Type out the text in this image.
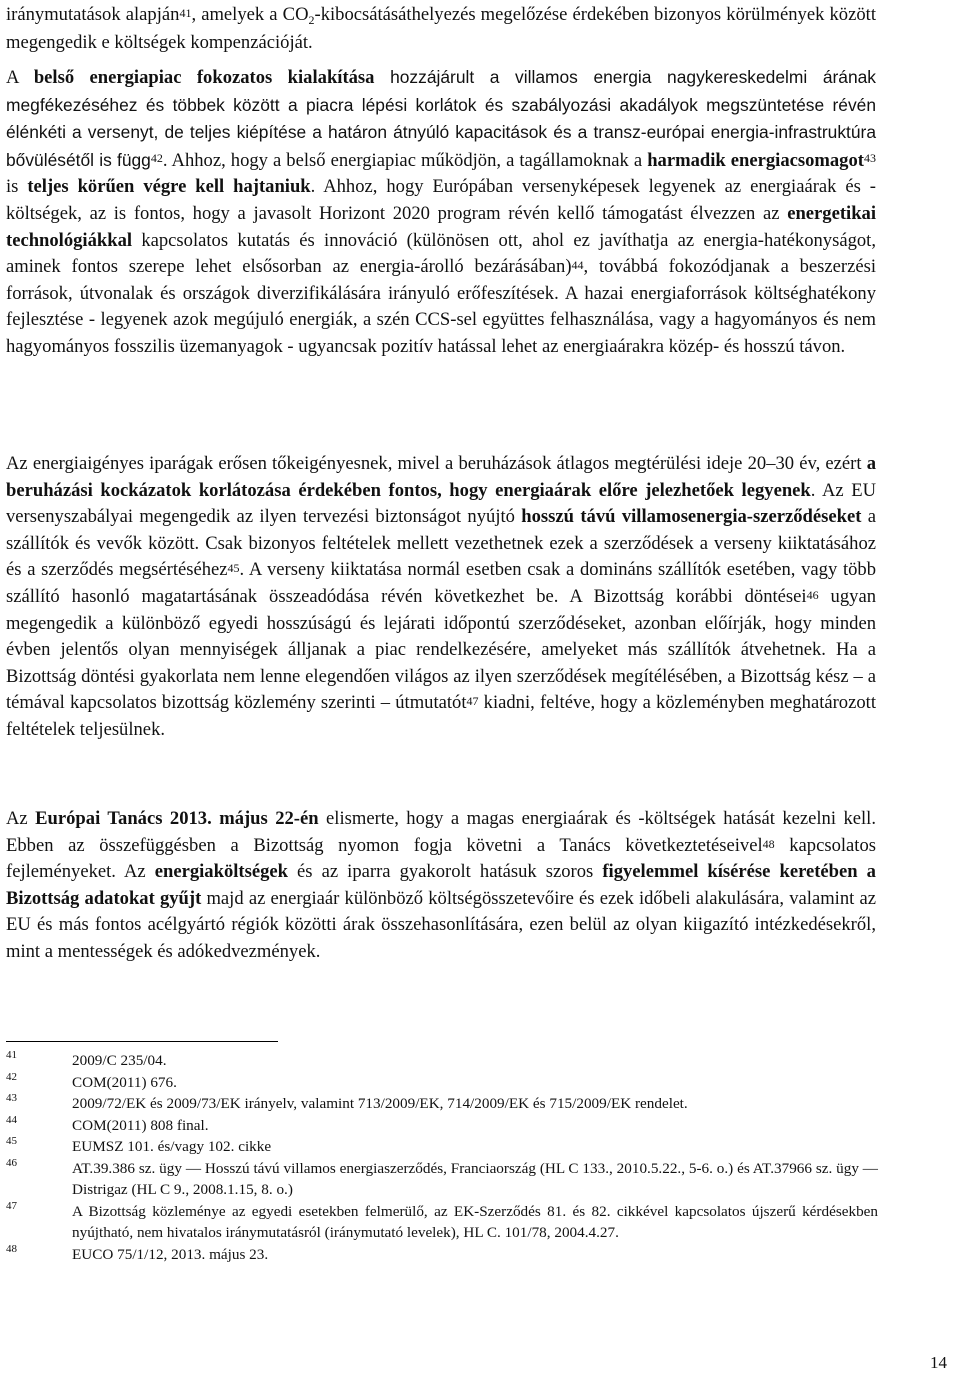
iránymutatások alapján$^{41}$, amelyek a $CO_2$-kibocsátásáthelyezés megelőzése érdekében bizonyos körülmények között megengedik e költségek kompenzációját.

A belső energiapiac fokozatos kialakítása hozzájárult a villamos energia nagykereskedelmi árának megfékezéséhez és többek között a piacra lépési korlátok és szabályozási akadályok megszüntetése révén élénkéti a versenyt, de teljes kiépítése a határon átnyúló kapacitások és a transz-európai energia-infrastruktúra bővülésétől is függ$^{42}$. Ahhoz, hogy a belső energiapiac működjön, a tagállamoknak a harmadik energiacsomagot$^{43}$ is teljes körűen végre kell hajtaniuk. Ahhoz, hogy Európában versenyképesek legyenek az energiaárak és -költségek, az is fontos, hogy a javasolt Horizont 2020 program révén kellő támogatást élvezzen az energetikai technológiákkal kapcsolatos kutatás és innováció (különösen ott, ahol ez javíthatja az energia-hatékonyságot, aminek fontos szerepe lehet elsősorban az energia-árolló bezárásában)$^{44}$, továbbá fokozódjanak a beszerzési források, útvonalak és országok diverzifikálására irányuló erőfeszítések. A hazai energiaforrások költséghatékony fejlesztése - legyenek azok megújuló energiák, a szén CCS-sel együttes felhasználása, vagy a hagyományos és nem hagyományos fosszilis üzemanyagok - ugyancsak pozitív hatással lehet az energiaárakra közép- és hosszú távon.

Az energiaigényes iparágak erősen tőkeigényesnek, mivel a beruházások átlagos megtérülési ideje 20–30 év, ezért a beruházási kockázatok korlátozása érdekében fontos, hogy energiaárak előre jelezhetőek legyenek. Az EU versenyszabályai megengedik az ilyen tervezési biztonságot nyújtó hosszú távú villamosenergia-szerződéseket a szállítók és vevők között. Csak bizonyos feltételek mellett vezethetnek ezek a szerződések a verseny kiiktatásához és a szerződés megsértéséhez$^{45}$. A verseny kiiktatása normál esetben csak a domináns szállítók esetében, vagy több szállító hasonló magatartásának összeadódása révén következhet be. A Bizottság korábbi döntései$^{46}$ ugyan megengedik a különböző egyedi hosszúságú és lejárati időpontú szerződéseket, azonban előírják, hogy minden évben jelentős olyan mennyiségek álljanak a piac rendelkezésére, amelyeket más szállítók átvehetnek. Ha a Bizottság döntési gyakorlata nem lenne elegendően világos az ilyen szerződések megítélésében, a Bizottság kész – a témával kapcsolatos bizottság közlemény szerinti – útmutatót$^{47}$ kiadni, feltéve, hogy a közleményben meghatározott feltételek teljesülnek.

Az Európai Tanács 2013. május 22-én elismerte, hogy a magas energiaárak és -költségek hatását kezelni kell. Ebben az összefüggésben a Bizottság nyomon fogja követni a Tanács következtetéseivel$^{48}$ kapcsolatos fejleményeket. Az energiaköltségek és az iparra gyakorolt hatásuk szoros figyelemmel kísérése keretében a Bizottság adatokat gyűjt majd az energiaár különböző költségösszetevőire és ezek időbeli alakulására, valamint az EU és más fontos acélgyártó régiók közötti árak összehasonlítására, ezen belül az olyan kiigazító intézkedésekről, mint a mentességek és adókedvezmények.

41	2009/C 235/04.
42	COM(2011) 676.
43	2009/72/EK és 2009/73/EK irányelv, valamint 713/2009/EK, 714/2009/EK és 715/2009/EK rendelet.
44	COM(2011) 808 final.
45	EUMSZ 101. és/vagy 102. cikke
46	AT.39.386 sz. ügy — Hosszú távú villamos energiaszerződés, Franciaország (HL C 133., 2010.5.22., 5-6. o.) és AT.37966 sz. ügy — Distrigaz (HL C 9., 2008.1.15, 8. o.)
47	A Bizottság közleménye az egyedi esetekben felmerülő, az EK-Szerződés 81. és 82. cikkével kapcsolatos újszerű kérdésekben nyújtható, nem hivatalos iránymutatásról (iránymutató levelek), HL C. 101/78, 2004.4.27.
48	EUCO 75/1/12, 2013. május 23.
14
